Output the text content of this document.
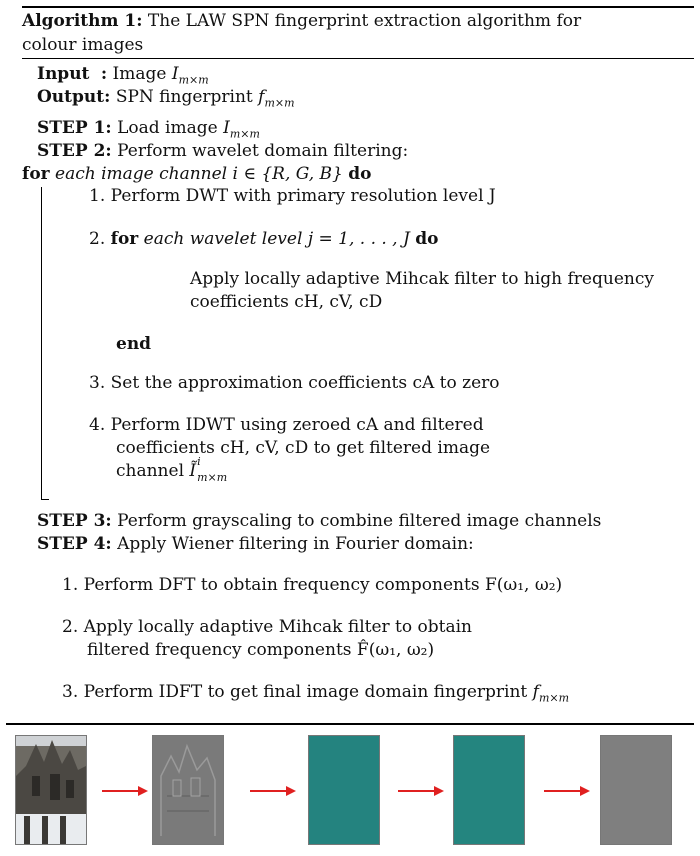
Algorithm 1: The LAW SPN fingerprint extraction algorithm for
colour images
Input : Image $I_{m\times m}$
Output: SPN fingerprint $f_{m\times m}$
STEP 1: Load image $I_{m\times m}$
STEP 2: Perform wavelet domain filtering:
for each image channel i ∈ {R, G, B} do
1. Perform DWT with primary resolution level J
2. for each wavelet level j = 1, . . . , J do
Apply locally adaptive Mihcak filter to high frequency
coefficients cH, cV, cD
end
3. Set the approximation coefficients cA to zero
4. Perform IDWT using zeroed cA and filtered
coefficients cH, cV, cD to get filtered image
channel Ĩ i
m×m
STEP 3: Perform grayscaling to combine filtered image channels
STEP 4: Apply Wiener filtering in Fourier domain:
1. Perform DFT to obtain frequency components F(ω₁, ω₂)
2. Apply locally adaptive Mihcak filter to obtain
filtered frequency components F̂(ω₁, ω₂)
3. Perform IDFT to get final image domain fingerprint $f_{m\times m}$
